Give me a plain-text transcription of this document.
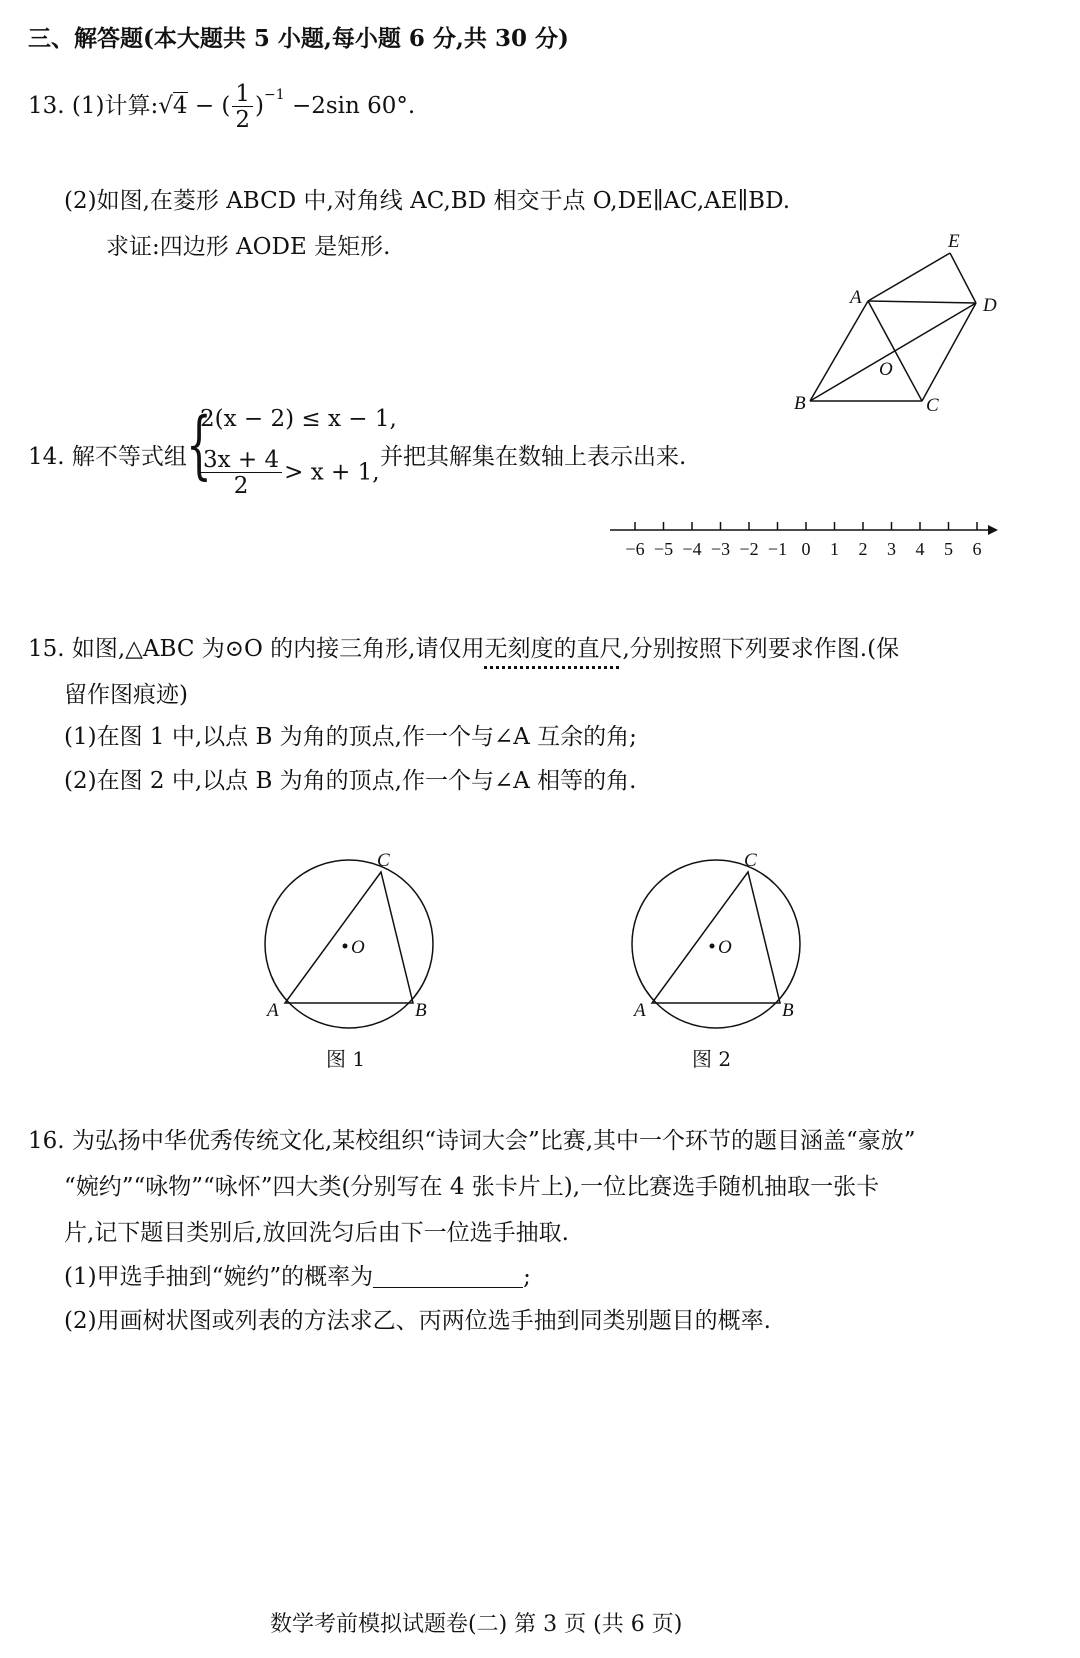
三、解答题(本大题共 5 小题,每小题 6 分,共 30 分)
13. (1)计算:√4 − ( $\frac{1}{2} )^{-1} -2\sin$ 60°.
(2)如图,在菱形 ABCD 中,对角线 AC,BD 相交于点 O,DE∥AC,AE∥BD.
求证:四边形 AODE 是矩形.	E
A	D
O
B	C
14. 解不等式组 {
2(x − 2) ≤ x − 1,
$\frac{3x + 4}{2} > x + 1$,
并把其解集在数轴上表示出来.
−6 −5 −4 −3 −2 −1 0 1 2 3 4 5 6
15. 如图,△ABC 为⊙O 的内接三角形,请仅用无刻度的直尺,分别按照下列要求作图.(保
留作图痕迹)
(1)在图 1 中,以点 B 为角的顶点,作一个与∠A 互余的角;
(2)在图 2 中,以点 B 为角的顶点,作一个与∠A 相等的角.
C
O
A	B
图 1
C
O
A	B
图 2
16. 为弘扬中华优秀传统文化,某校组织“诗词大会”比赛,其中一个环节的题目涵盖“豪放”
“婉约”“咏物”“咏怀”四大类(分别写在 4 张卡片上),一位比赛选手随机抽取一张卡
片,记下题目类别后,放回洗匀后由下一位选手抽取.
(1)甲选手抽到“婉约”的概率为	;
(2)用画树状图或列表的方法求乙、丙两位选手抽到同类别题目的概率.
数学考前模拟试题卷(二) 第 3 页 (共 6 页)
